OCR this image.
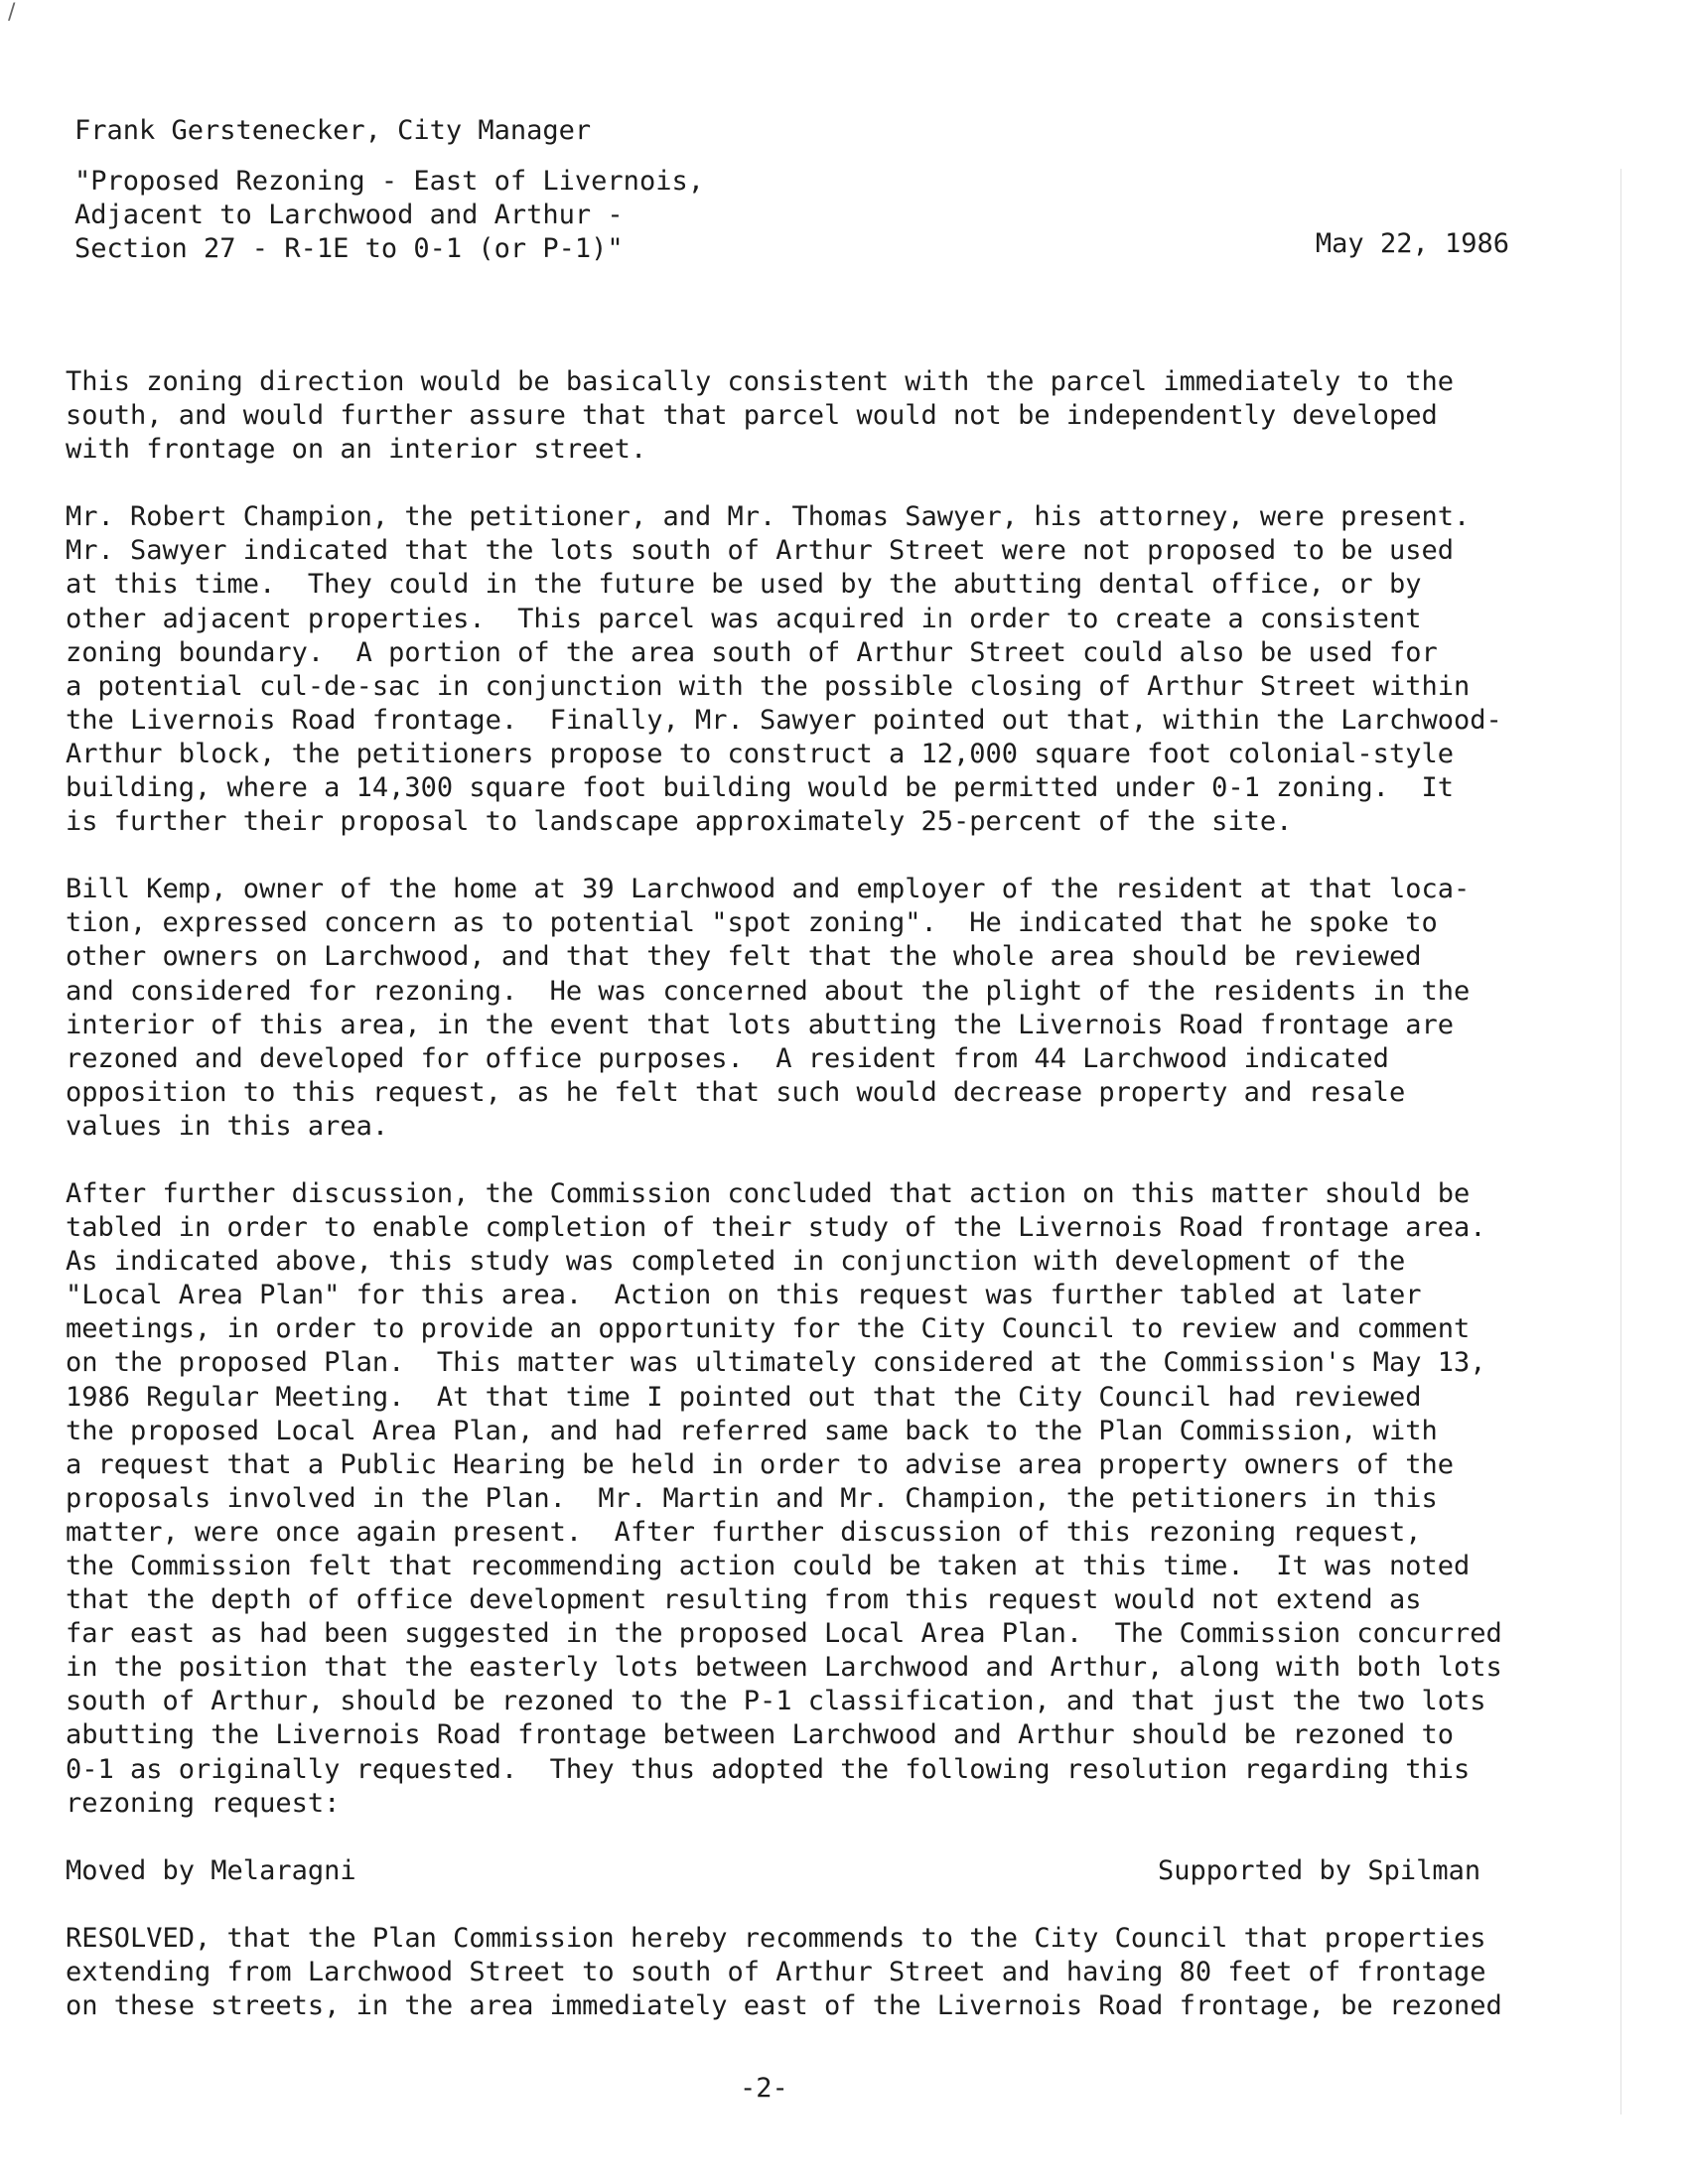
/
Frank Gerstenecker, City Manager
"Proposed Rezoning - East of Livernois,
Adjacent to Larchwood and Arthur -
Section 27 - R-1E to 0-1 (or P-1)"	May 22, 1986
This zoning direction would be basically consistent with the parcel immediately to the
south, and would further assure that that parcel would not be independently developed
with frontage on an interior street.
Mr. Robert Champion, the petitioner, and Mr. Thomas Sawyer, his attorney, were present.
Mr. Sawyer indicated that the lots south of Arthur Street were not proposed to be used
at this time.  They could in the future be used by the abutting dental office, or by
other adjacent properties.  This parcel was acquired in order to create a consistent
zoning boundary.  A portion of the area south of Arthur Street could also be used for
a potential cul-de-sac in conjunction with the possible closing of Arthur Street within
the Livernois Road frontage.  Finally, Mr. Sawyer pointed out that, within the Larchwood-
Arthur block, the petitioners propose to construct a 12,000 square foot colonial-style
building, where a 14,300 square foot building would be permitted under 0-1 zoning.  It
is further their proposal to landscape approximately 25-percent of the site.
Bill Kemp, owner of the home at 39 Larchwood and employer of the resident at that loca-
tion, expressed concern as to potential "spot zoning".  He indicated that he spoke to
other owners on Larchwood, and that they felt that the whole area should be reviewed
and considered for rezoning.  He was concerned about the plight of the residents in the
interior of this area, in the event that lots abutting the Livernois Road frontage are
rezoned and developed for office purposes.  A resident from 44 Larchwood indicated
opposition to this request, as he felt that such would decrease property and resale
values in this area.
After further discussion, the Commission concluded that action on this matter should be
tabled in order to enable completion of their study of the Livernois Road frontage area.
As indicated above, this study was completed in conjunction with development of the
"Local Area Plan" for this area.  Action on this request was further tabled at later
meetings, in order to provide an opportunity for the City Council to review and comment
on the proposed Plan.  This matter was ultimately considered at the Commission's May 13,
1986 Regular Meeting.  At that time I pointed out that the City Council had reviewed
the proposed Local Area Plan, and had referred same back to the Plan Commission, with
a request that a Public Hearing be held in order to advise area property owners of the
proposals involved in the Plan.  Mr. Martin and Mr. Champion, the petitioners in this
matter, were once again present.  After further discussion of this rezoning request,
the Commission felt that recommending action could be taken at this time.  It was noted
that the depth of office development resulting from this request would not extend as
far east as had been suggested in the proposed Local Area Plan.  The Commission concurred
in the position that the easterly lots between Larchwood and Arthur, along with both lots
south of Arthur, should be rezoned to the P-1 classification, and that just the two lots
abutting the Livernois Road frontage between Larchwood and Arthur should be rezoned to
0-1 as originally requested.  They thus adopted the following resolution regarding this
rezoning request:
Moved by Melaragni	Supported by Spilman
RESOLVED, that the Plan Commission hereby recommends to the City Council that properties
extending from Larchwood Street to south of Arthur Street and having 80 feet of frontage
on these streets, in the area immediately east of the Livernois Road frontage, be rezoned
-2-
